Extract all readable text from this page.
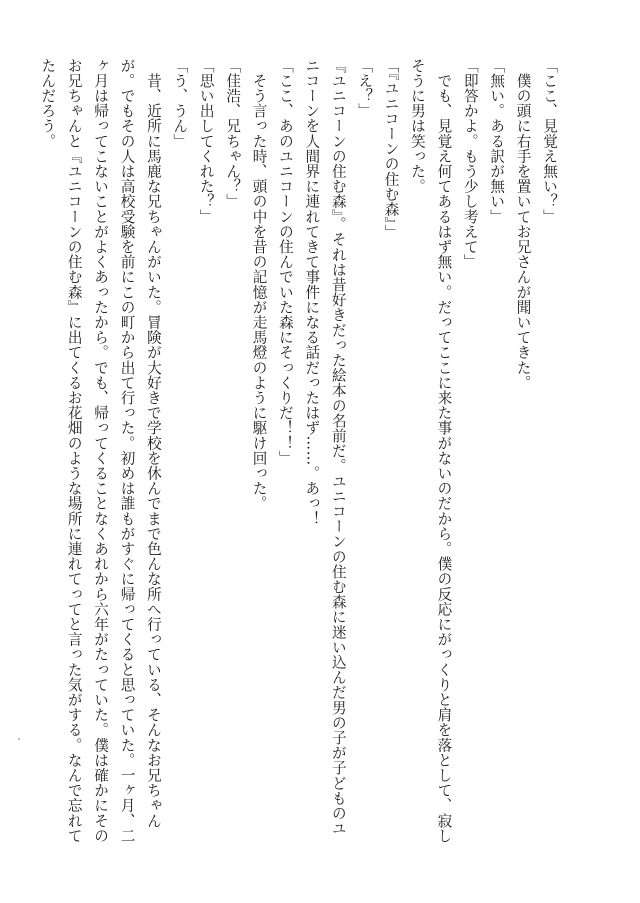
「ここ、見覚え無い？」

　僕の頭に右手を置いてお兄さんが聞いてきた。

「無い。ある訳が無い」

「即答かよ。もう少し考えて」

　でも、見覚え何てあるはず無い。だってここに来た事がないのだから。僕の反応にがっくりと肩を落として、寂しそうに男は笑った。

「『ユニコーンの住む森』」

「え？」

『ユニコーンの住む森』。それは昔好きだった絵本の名前だ。ユニコーンの住む森に迷い込んだ男の子が子どものユニコーンを人間界に連れてきて事件になる話だったはず……。あっ！

「ここ、あのユニコーンの住んでいた森にそっくりだ！！」

　そう言った時、頭の中を昔の記憶が走馬燈のように駆け回った。

「佳浩、兄ちゃん？」

「思い出してくれた？」

「う、うん」

　昔、近所に馬鹿な兄ちゃんがいた。冒険が大好きで学校を休んでまで色んな所へ行っている、そんなお兄ちゃんが。でもその人は高校受験を前にこの町から出て行った。初めは誰もがすぐに帰ってくると思っていた。一ヶ月、二ヶ月は帰ってこないことがよくあったから。でも、帰ってくることなくあれから六年がたっていた。僕は確かにそのお兄ちゃんと『ユニコーンの住む森』に出てくるお花畑のような場所に連れてってと言った気がする。なんで忘れてたんだろう。
